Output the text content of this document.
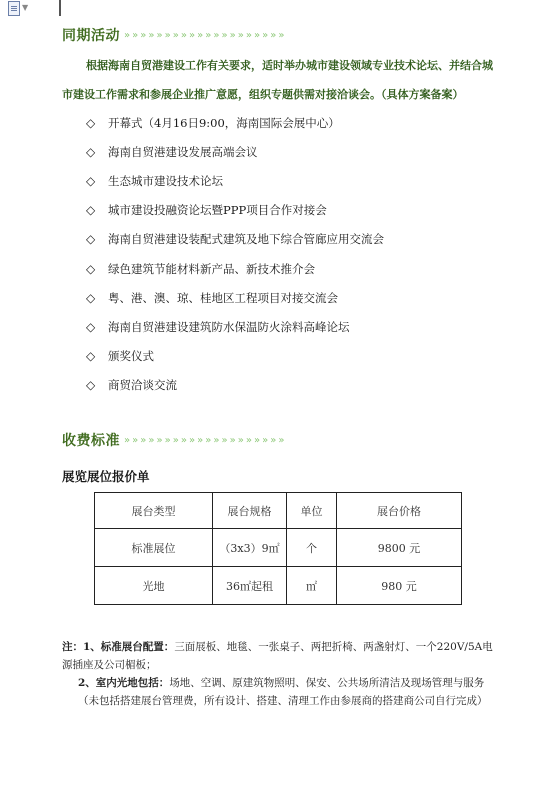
▼
同期活动 » » » » » » » » » » » » » » » » » » » »
根据海南自贸港建设工作有关要求，适时举办城市建设领域专业技术论坛、并结合城
市建设工作需求和参展企业推广意愿，组织专题供需对接洽谈会。（具体方案备案）
◇	开幕式（4月16日9:00，海南国际会展中心）
◇	海南自贸港建设发展高端会议
◇	生态城市建设技术论坛
◇	城市建设投融资论坛暨PPP项目合作对接会
◇	海南自贸港建设装配式建筑及地下综合管廊应用交流会
◇	绿色建筑节能材料新产品、新技术推介会
◇	粤、港、澳、琼、桂地区工程项目对接交流会
◇	海南自贸港建设建筑防水保温防火涂料高峰论坛
◇	颁奖仪式
◇	商贸洽谈交流
收费标准 » » » » » » » » » » » » » » » » » » » »
展览展位报价单
展台类型	展台规格	单位	展台价格
标准展位	（3x3）9㎡	个	9800 元
光地	36㎡起租	㎡	980 元

注：1、标准展台配置：三面展板、地毯、一张桌子、两把折椅、两盏射灯、一个220V/5A电源插座及公司楣板；

2、室内光地包括：场地、空调、原建筑物照明、保安、公共场所清洁及现场管理与服务（未包括搭建展台管理费，所有设计、搭建、清理工作由参展商的搭建商公司自行完成）
